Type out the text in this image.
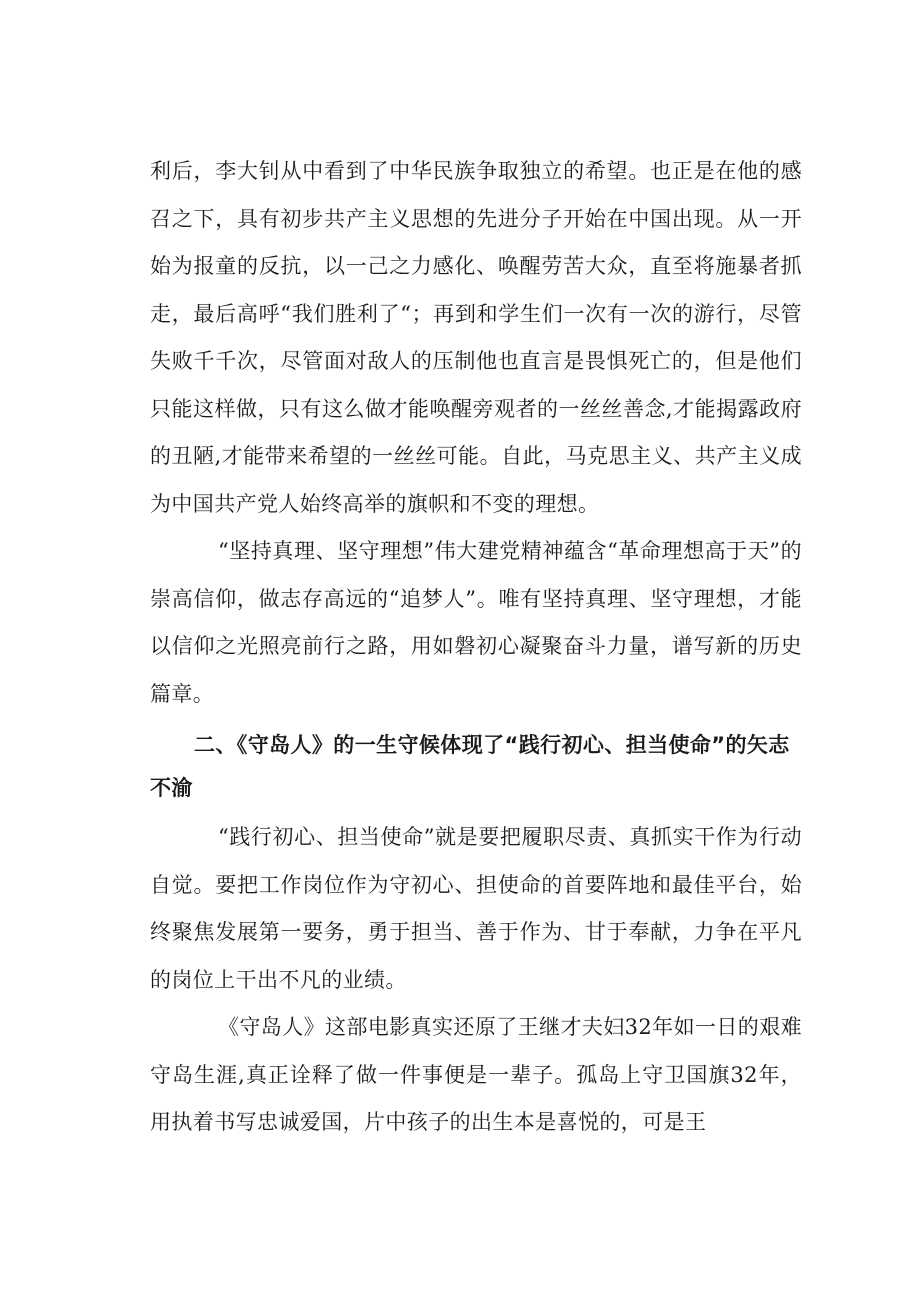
利后，李大钊从中看到了中华民族争取独立的希望。也正是在他的感召之下，具有初步共产主义思想的先进分子开始在中国出现。从一开始为报童的反抗，以一己之力感化、唤醒劳苦大众，直至将施暴者抓走，最后高呼“我们胜利了“；再到和学生们一次有一次的游行，尽管失败千千次，尽管面对敌人的压制他也直言是畏惧死亡的，但是他们只能这样做，只有这么做才能唤醒旁观者的一丝丝善念,才能揭露政府的丑陋,才能带来希望的一丝丝可能。自此，马克思主义、共产主义成为中国共产党人始终高举的旗帜和不变的理想。

“坚持真理、坚守理想”伟大建党精神蕴含“革命理想高于天”的崇高信仰，做志存高远的“追梦人”。唯有坚持真理、坚守理想，才能以信仰之光照亮前行之路，用如磐初心凝聚奋斗力量，谱写新的历史篇章。

二、《守岛人》的一生守候体现了“践行初心、担当使命”的矢志不渝

“践行初心、担当使命”就是要把履职尽责、真抓实干作为行动自觉。要把工作岗位作为守初心、担使命的首要阵地和最佳平台，始终聚焦发展第一要务，勇于担当、善于作为、甘于奉献，力争在平凡的岗位上干出不凡的业绩。

《守岛人》这部电影真实还原了王继才夫妇32年如一日的艰难守岛生涯,真正诠释了做一件事便是一辈子。孤岛上守卫国旗32年，用执着书写忠诚爱国，片中孩子的出生本是喜悦的，可是王
